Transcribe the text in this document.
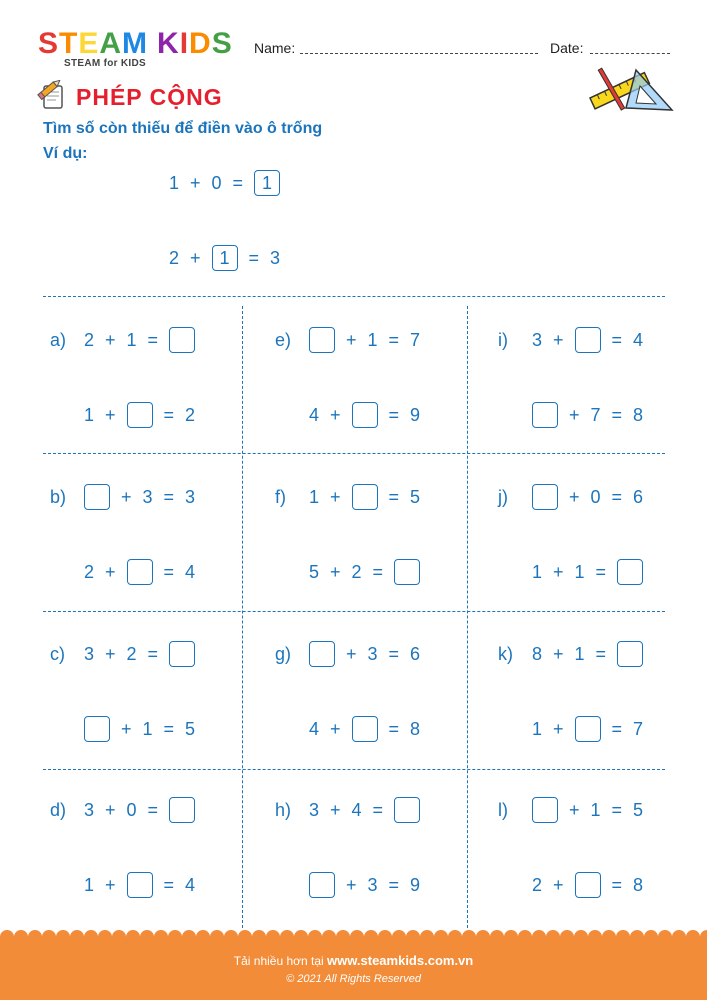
STEAM KIDS
STEAM for KIDS
Name:	Date:
PHÉP CỘNG
Tìm số còn thiếu để điền vào ô trống
Ví dụ:
1 + 0 =	1
2 +	1	= 3
a) 2 + 1 =
1 +	= 2
e)	+ 1 = 7
4 +	= 9
i)	3 +	= 4
+ 7 = 8
b)	+ 3 = 3
2 +	= 4
f)	1 +	= 5
5 + 2 =
j)	+ 0 = 6
1 + 1 =
c)	3 + 2 =
+ 1 = 5
g)	+ 3 = 6
4 +	= 8
k)	8 + 1 =
1 +	= 7
d) 3 + 0 =
1 +	= 4
h) 3 + 4 =
+ 3 = 9
l)	+ 1 = 5
2 +	= 8
Tải nhiều hơn tại www.steamkids.com.vn
© 2021 All Rights Reserved
